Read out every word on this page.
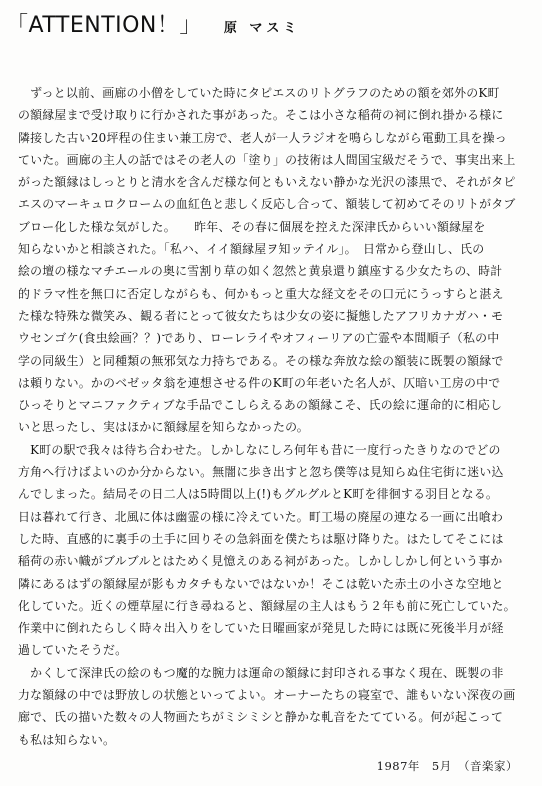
「ATTENTION！」 原 マスミ

　ずっと以前、画廊の小僧をしていた時にタピエスのリトグラフのための額を郊外のK町

の額縁屋まで受け取りに行かされた事があった。そこは小さな稲荷の祠に倒れ掛かる様に

隣接した古い20坪程の住まい兼工房で、老人が一人ラジオを鳴らしながら電動工具を操っ

ていた。画廊の主人の話ではその老人の「塗り」の技術は人間国宝級だそうで、事実出来上

がった額縁はしっとりと清水を含んだ様な何ともいえない静かな光沢の漆黒で、それがタピ

エスのマーキュロクロームの血紅色と悲しく反応し合って、額装して初めてそのリトがタブ

ブロー化した様な気がした。　　昨年、その春に個展を控えた深津氏からいい額縁屋を

知らないかと相談された。「私ハ、イイ額縁屋ヲ知ッテイル」。　日常から登山し、氏の

絵の壇の様なマチエールの奥に雪割り草の如く忽然と黄泉還り鎮座する少女たちの、時計

的ドラマ性を無口に否定しながらも、何かもっと重大な経文をその口元にうっすらと湛え

た様な特殊な微笑み、観る者にとって彼女たちは少女の姿に擬態したアフリカナガハ・モ

ウセンゴケ(食虫絵画？？)であり、ローレライやオフィーリアの亡霊や本間順子（私の中

学の同級生）と同種類の無邪気な力持ちである。その様な奔放な絵の額装に既製の額縁で

は頼りない。かのベゼッタ翁を連想させる件のK町の年老いた名人が、仄暗い工房の中で

ひっそりとマニファクティブな手品でこしらえるあの額縁こそ、氏の絵に運命的に相応し

いと思ったし、実はほかに額縁屋を知らなかったの。

　K町の駅で我々は待ち合わせた。しかしなにしろ何年も昔に一度行ったきりなのでどの

方角へ行けばよいのか分からない。無闇に歩き出すと忽ち僕等は見知らぬ住宅街に迷い込

んでしまった。結局その日二人は5時間以上(!)もグルグルとK町を徘徊する羽目となる。

日は暮れて行き、北風に体は幽霊の様に冷えていた。町工場の廃屋の連なる一画に出喰わ

した時、直感的に裏手の土手に回りその急斜面を僕たちは駆け降りた。はたしてそこには

稲荷の赤い幟がブルブルとはためく見憶えのある祠があった。しかししかし何という事か

隣にあるはずの額縁屋が影もカタチもないではないか！そこは乾いた赤土の小さな空地と

化していた。近くの煙草屋に行き尋ねると、額縁屋の主人はもう２年も前に死亡していた。

作業中に倒れたらしく時々出入りをしていた日曜画家が発見した時には既に死後半月が経

過していたそうだ。

　かくして深津氏の絵のもつ魔的な腕力は運命の額縁に封印される事なく現在、既製の非

力な額縁の中では野放しの状態といってよい。オーナーたちの寝室で、誰もいない深夜の画

廊で、氏の描いた数々の人物画たちがミシミシと静かな軋音をたてている。何が起こって

も私は知らない。

1987年　5月　（音楽家）
